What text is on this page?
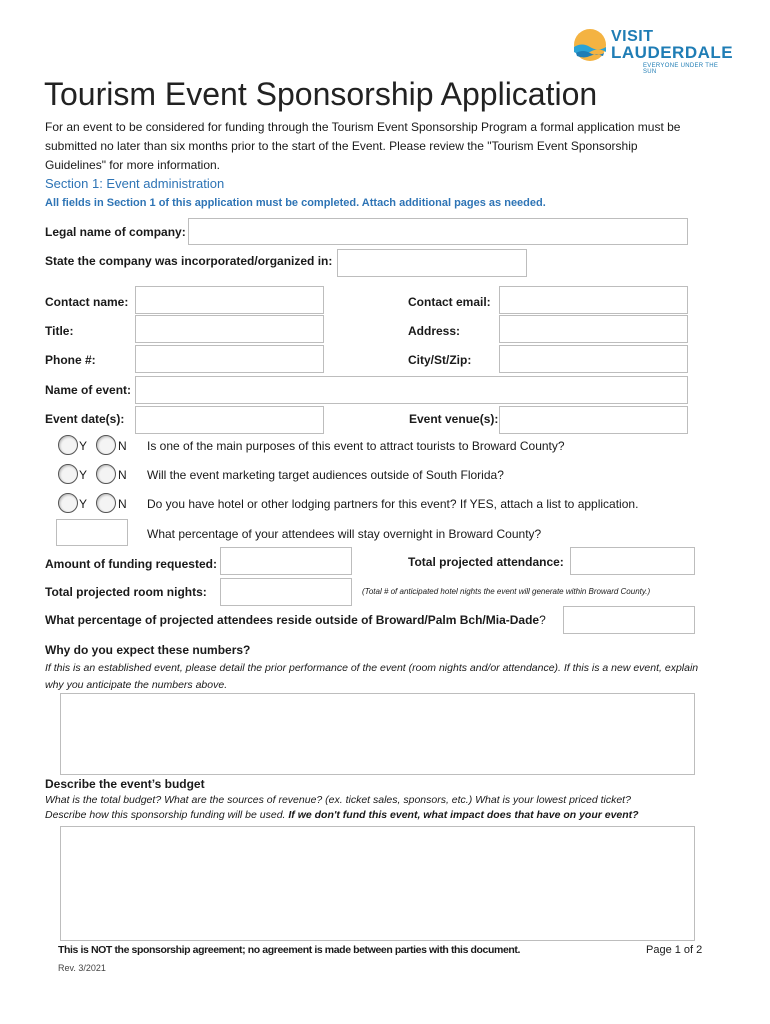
VISIT
LAUDERDALE
EVERYONE UNDER THE SUN
Tourism Event Sponsorship Application
For an event to be considered for funding through the Tourism Event Sponsorship Program a formal application must be submitted no later than six months prior to the start of the Event. Please review the "Tourism Event Sponsorship Guidelines" for more information.
Section 1: Event administration
All fields in Section 1 of this application must be completed. Attach additional pages as needed.
Legal name of company:
State the company was incorporated/organized in:
Contact name:	Contact email:
Title:	Address:
Phone #:	City/St/Zip:
Name of event:
Event date(s):	Event venue(s):
Y	N Is one of the main purposes of this event to attract tourists to Broward County?
Y	N Will the event marketing target audiences outside of South Florida?
Y	N Do you have hotel or other lodging partners for this event? If YES, attach a list to application.
What percentage of your attendees will stay overnight in Broward County?
Amount of funding requested:	Total projected attendance:
Total projected room nights:	(Total # of anticipated hotel nights the event will generate within Broward County.)
What percentage of projected attendees reside outside of Broward/Palm Bch/Mia-Dade?
Why do you expect these numbers?
If this is an established event, please detail the prior performance of the event (room nights and/or attendance). If this is a new event, explain why you anticipate the numbers above.
Describe the event’s budget
What is the total budget? What are the sources of revenue? (ex. ticket sales, sponsors, etc.) What is your lowest priced ticket?
Describe how this sponsorship funding will be used. If we don't fund this event, what impact does that have on your event?
This is NOT the sponsorship agreement; no agreement is made between parties with this document.	Page 1 of 2
Rev. 3/2021
